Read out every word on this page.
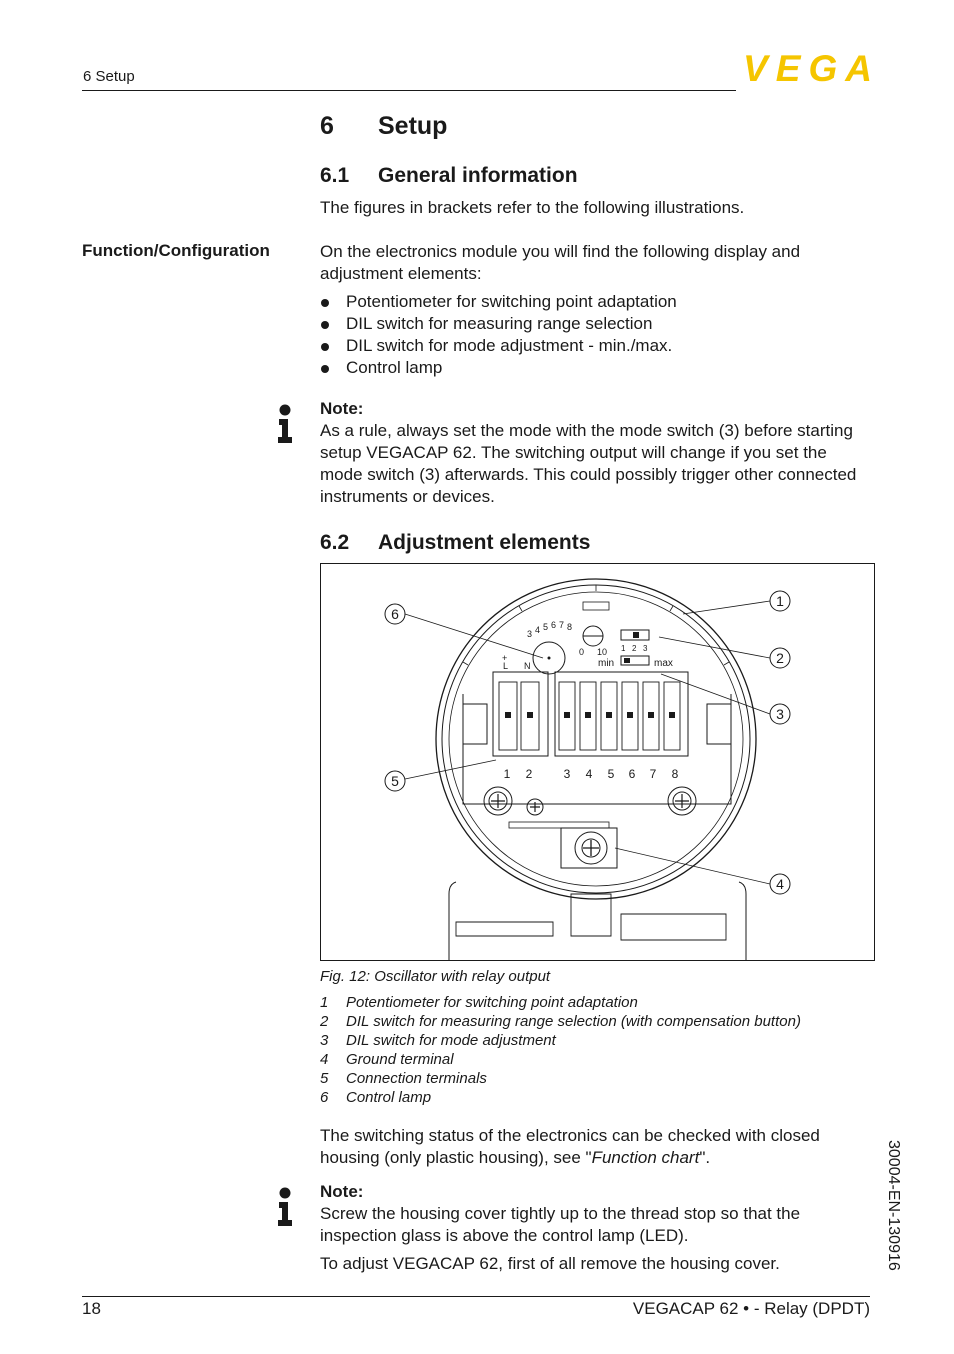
6 Setup	VEGA
6 Setup
6.1 General information
The figures in brackets refer to the following illustrations.
Function/Configuration	On the electronics module you will find the following display and adjustment elements:
Potentiometer for switching point adaptation
DIL switch for measuring range selection
DIL switch for mode adjustment - min./max.
Control lamp
Note:
As a rule, always set the mode with the mode switch (3) before starting setup VEGACAP 62. The switching output will change if you set the mode switch (3) afterwards. This could possibly trigger other connected instruments or devices.
6.2 Adjustment elements
3 4 5 6 7 8
+
L N
0 10 1 2 3
min	max
1 2	3 4 5 6 7 8
1
2
3
4
5
6
Fig. 12: Oscillator with relay output
1	Potentiometer for switching point adaptation
2	DIL switch for measuring range selection (with compensation button)
3	DIL switch for mode adjustment
4	Ground terminal
5	Connection terminals
6	Control lamp
The switching status of the electronics can be checked with closed housing (only plastic housing), see "Function chart".
Note:
Screw the housing cover tightly up to the thread stop so that the inspection glass is above the control lamp (LED).
To adjust VEGACAP 62, first of all remove the housing cover.	30004-EN-130916
18	VEGACAP 62 • - Relay (DPDT)
